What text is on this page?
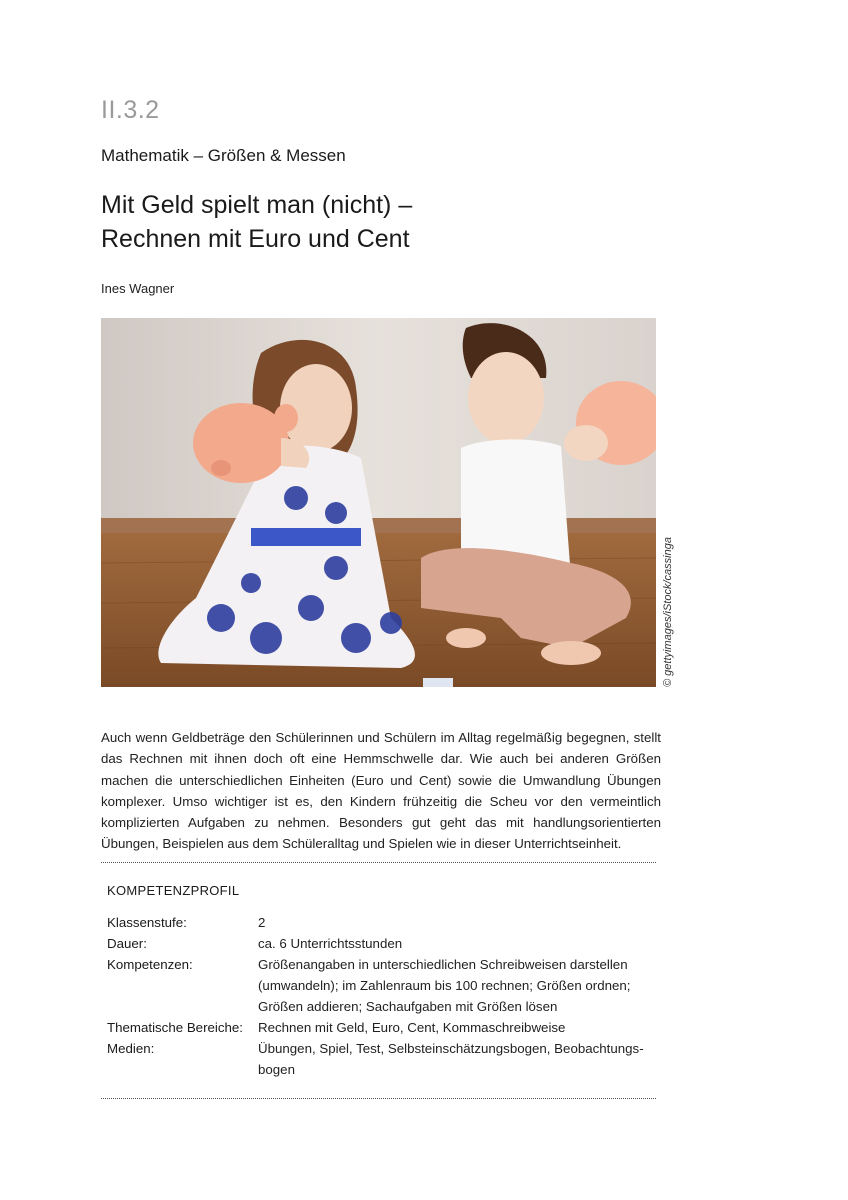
II.3.2
Mathematik – Größen & Messen
Mit Geld spielt man (nicht) –
Rechnen mit Euro und Cent
Ines Wagner
© gettyimages/iStock/cassinga
Auch wenn Geldbeträge den Schülerinnen und Schülern im Alltag regelmäßig begegnen, stellt das Rechnen mit ihnen doch oft eine Hemmschwelle dar. Wie auch bei anderen Größen machen die unterschiedlichen Einheiten (Euro und Cent) sowie die Umwandlung Übungen komplexer. Umso wichtiger ist es, den Kindern frühzeitig die Scheu vor den vermeintlich komplizierten Aufgaben zu nehmen. Besonders gut geht das mit handlungsorientierten Übungen, Beispielen aus dem Schüleralltag und Spielen wie in dieser Unterrichtseinheit.
KOMPETENZPROFIL
Klassenstufe:	2
Dauer:	ca. 6 Unterrichtsstunden
Kompetenzen:	Größenangaben in unterschiedlichen Schreibweisen darstellen (umwandeln); im Zahlenraum bis 100 rechnen; Größen ordnen; Größen addieren; Sachaufgaben mit Größen lösen
Thematische Bereiche:	Rechnen mit Geld, Euro, Cent, Kommaschreibweise
Medien:	Übungen, Spiel, Test, Selbsteinschätzungsbogen, Beobachtungsbogen
